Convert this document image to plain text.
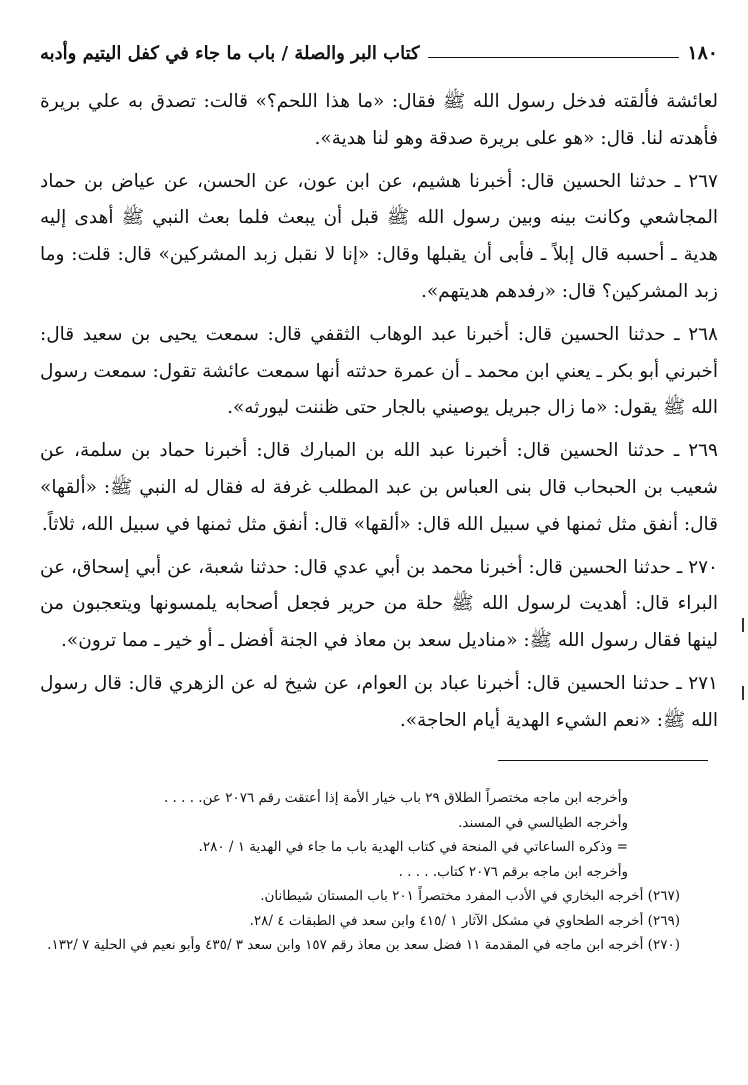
١٨٠
كتاب البر والصلة / باب ما جاء في كفل اليتيم وأدبه

لعائشة فألقته فدخل رسول الله ﷺ فقال: «ما هذا اللحم؟» قالت: تصدق به علي بريرة فأهدته لنا. قال: «هو على بريرة صدقة وهو لنا هدية».

٢٦٧ ـ حدثنا الحسين قال: أخبرنا هشيم، عن ابن عون، عن الحسن، عن عياض بن حماد المجاشعي وكانت بينه وبين رسول الله ﷺ قبل أن يبعث فلما بعث النبي ﷺ أهدى إليه هدية ـ أحسبه قال إبلاً ـ فأبى أن يقبلها وقال: «إنا لا نقبل زبد المشركين» قال: قلت: وما زبد المشركين؟ قال: «رفدهم هديتهم».

٢٦٨ ـ حدثنا الحسين قال: أخبرنا عبد الوهاب الثقفي قال: سمعت يحيى بن سعيد قال: أخبرني أبو بكر ـ يعني ابن محمد ـ أن عمرة حدثته أنها سمعت عائشة تقول: سمعت رسول الله ﷺ يقول: «ما زال جبريل يوصيني بالجار حتى ظننت ليورثه».

٢٦٩ ـ حدثنا الحسين قال: أخبرنا عبد الله بن المبارك قال: أخبرنا حماد بن سلمة، عن شعيب بن الحبحاب قال بنى العباس بن عبد المطلب غرفة له فقال له النبي ﷺ: «ألقها» قال: أنفق مثل ثمنها في سبيل الله قال: «ألقها» قال: أنفق مثل ثمنها في سبيل الله، ثلاثاً.

٢٧٠ ـ حدثنا الحسين قال: أخبرنا محمد بن أبي عدي قال: حدثنا شعبة، عن أبي إسحاق، عن البراء قال: أهديت لرسول الله ﷺ حلة من حرير فجعل أصحابه يلمسونها ويتعجبون من لينها فقال رسول الله ﷺ: «مناديل سعد بن معاذ في الجنة أفضل ـ أو خير ـ مما ترون».

٢٧١ ـ حدثنا الحسين قال: أخبرنا عباد بن العوام، عن شيخ له عن الزهري قال: قال رسول الله ﷺ: «نعم الشيء الهدية أيام الحاجة».

وأخرجه ابن ماجه مختصراً الطلاق ٢٩ باب خيار الأمة إذا أعتقت رقم ٢٠٧٦ عن. . . . .

وأخرجه الطيالسي في المسند.

= وذكره الساعاتي في المنحة في كتاب الهدية باب ما جاء في الهدية ١ / ٢٨٠.

وأخرجه ابن ماجه برقم ٢٠٧٦ كتاب. . . . .

(٢٦٧) أخرجه البخاري في الأدب المفرد مختصراً ٢٠١ باب المستان شيطانان.

(٢٦٩) أخرجه الطحاوي في مشكل الآثار ١ /٤١٥ وابن سعد في الطبقات ٤ /٢٨.

(٢٧٠) أخرجه ابن ماجه في المقدمة ١١ فضل سعد بن معاذ رقم ١٥٧ وابن سعد ٣ /٤٣٥ وأبو نعيم في الحلية ٧ /١٣٢.
